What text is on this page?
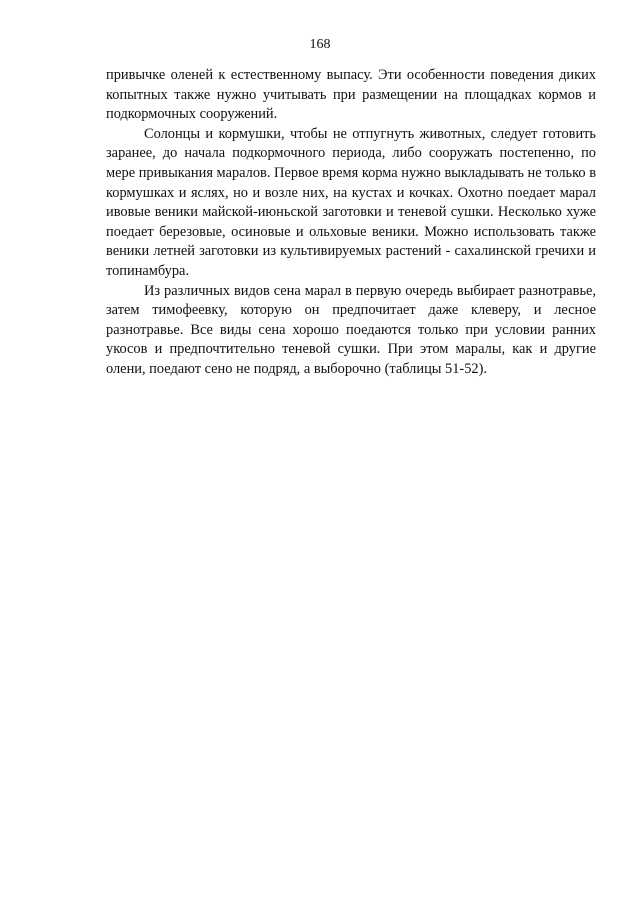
168

привычке оленей к естественному выпасу. Эти особенности поведения диких копытных также нужно учитывать при размещении на площадках кормов и подкормочных сооружений.

Солонцы и кормушки, чтобы не отпугнуть животных, следует готовить заранее, до начала подкормочного периода, либо сооружать постепенно, по мере привыкания маралов. Первое время корма нужно выкладывать не только в кормушках и яслях, но и возле них, на кустах и кочках. Охотно поедает марал ивовые веники майской-июньской заготовки и теневой сушки. Несколько хуже поедает березовые, осиновые и ольховые веники. Можно использовать также веники летней заготовки из культивируемых растений - сахалинской гречихи и топинамбура.

Из различных видов сена марал в первую очередь выбирает разнотравье, затем тимофеевку, которую он предпочитает даже клеверу, и лесное разнотравье. Все виды сена хорошо поедаются только при условии ранних укосов и предпочтительно теневой сушки. При этом маралы, как и другие олени, поедают сено не подряд, а выборочно (таблицы 51-52).
